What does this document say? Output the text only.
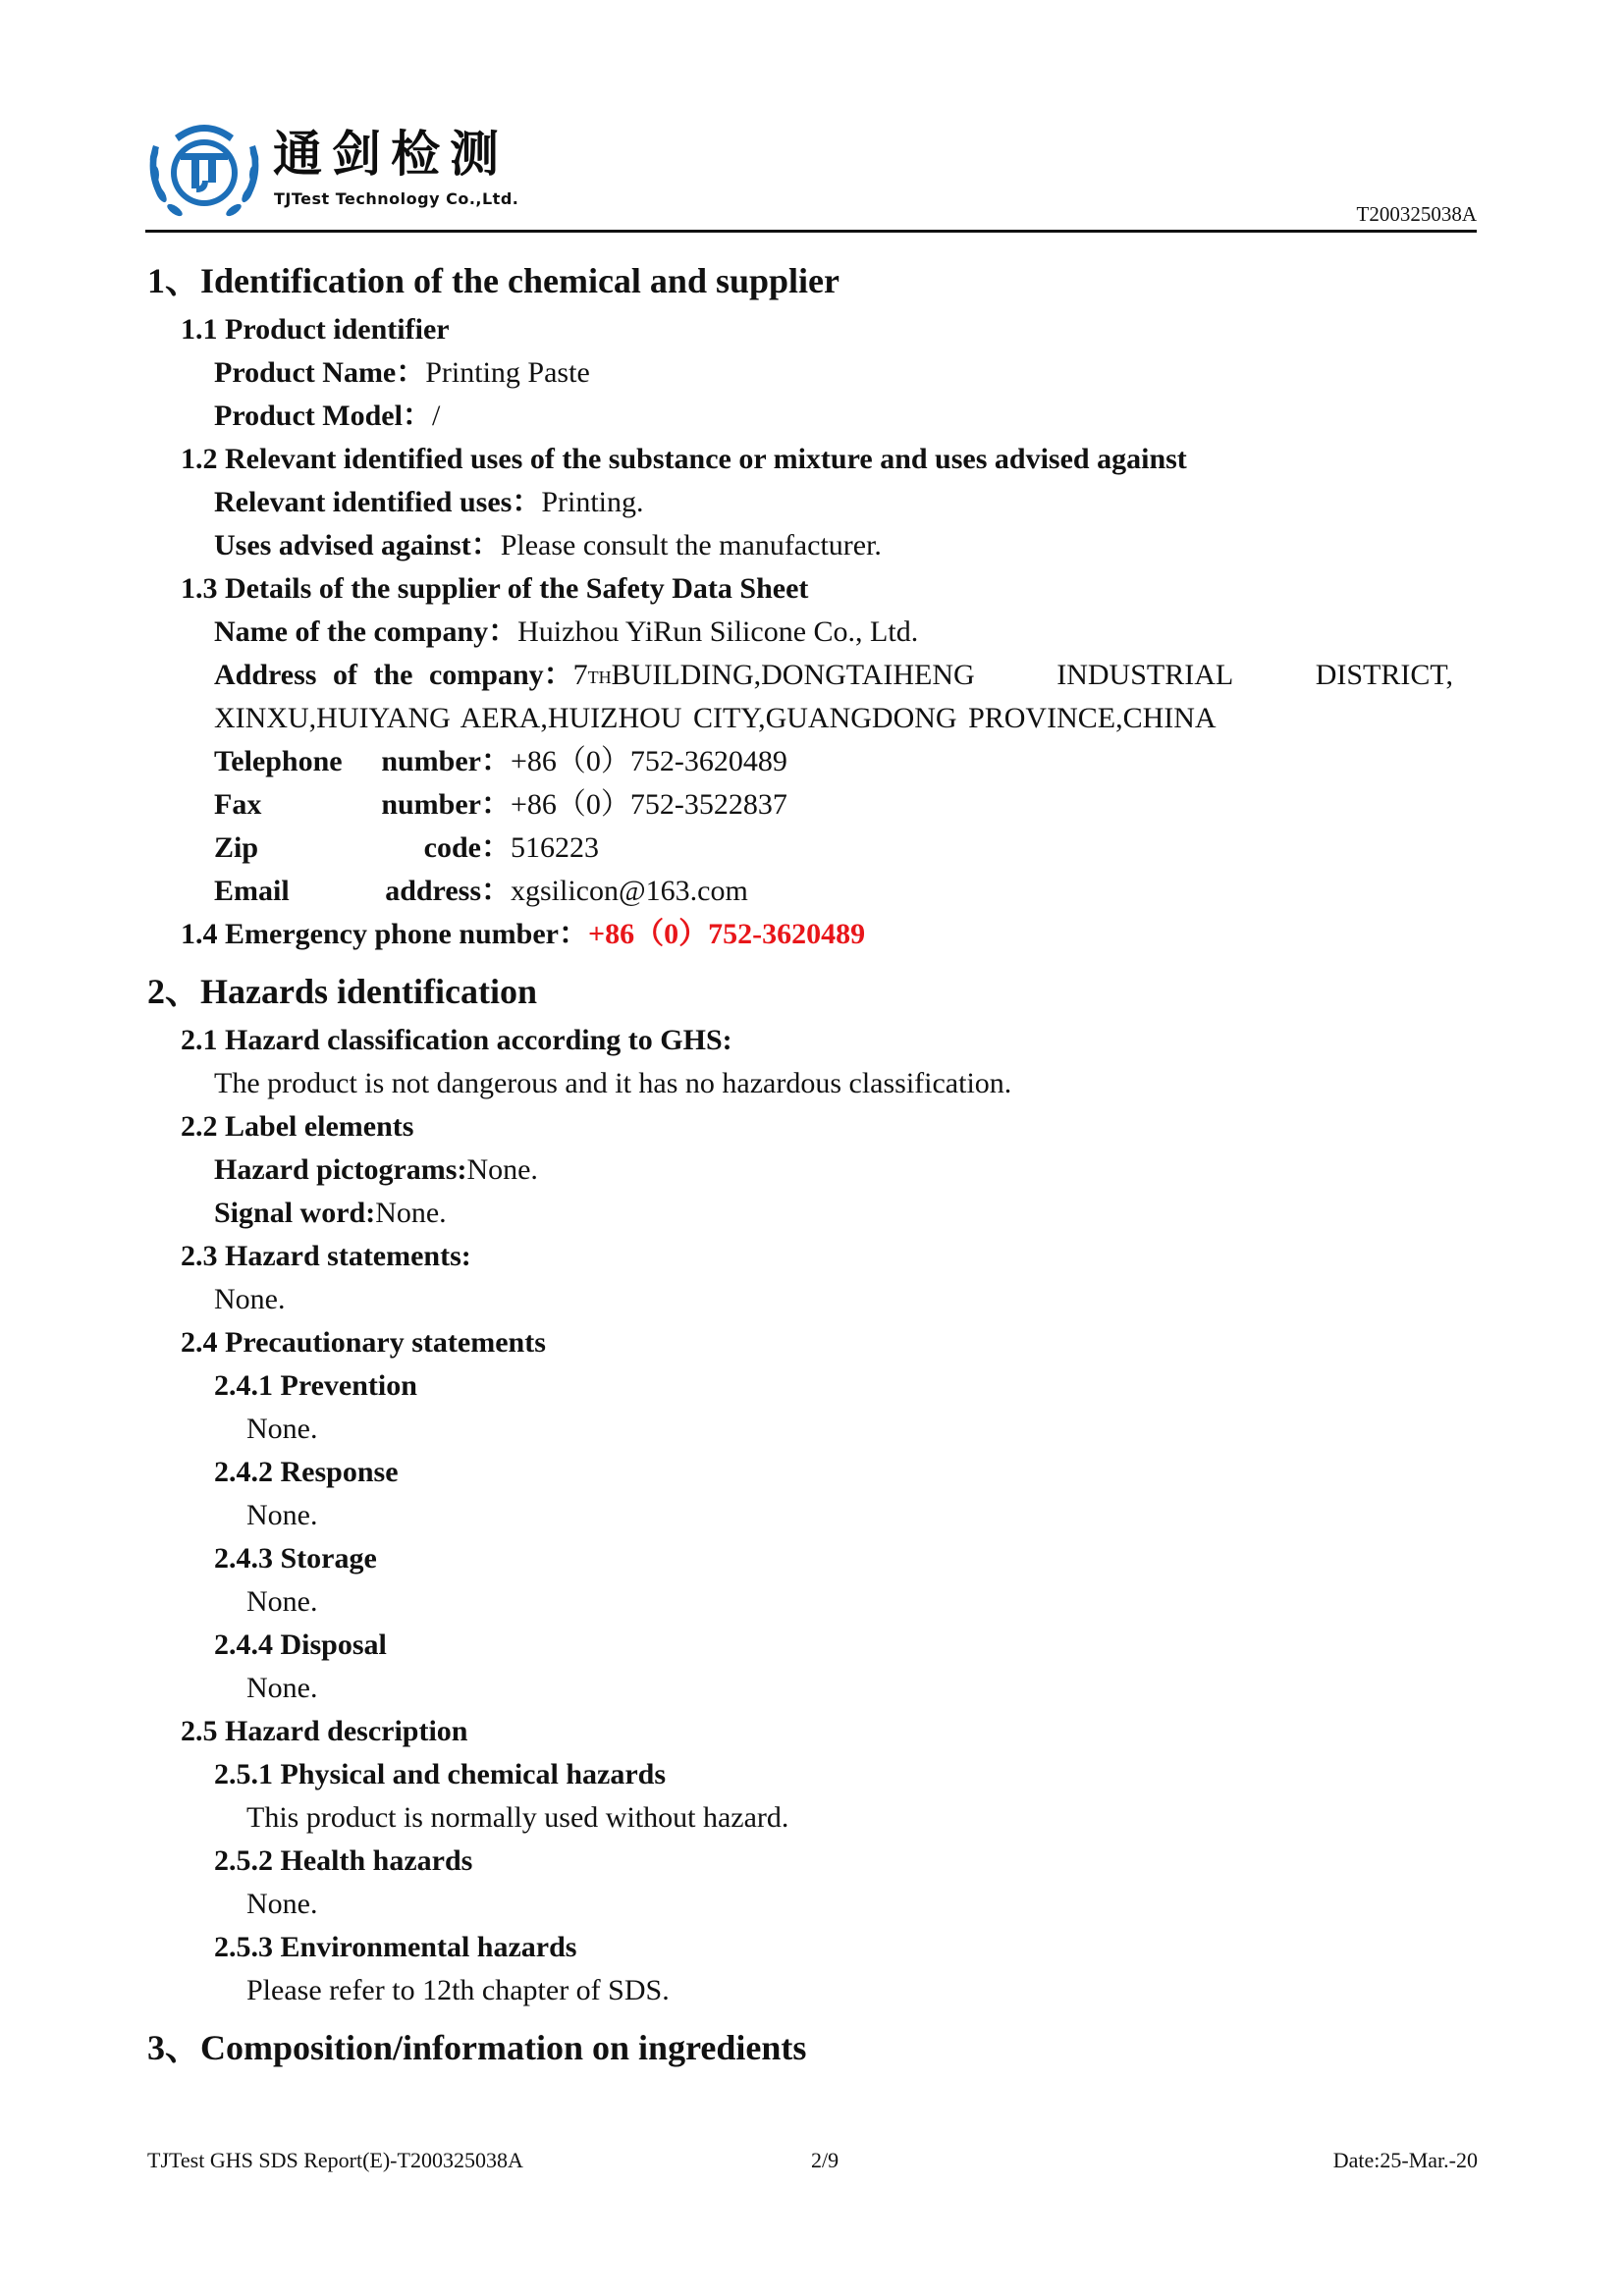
通剑检测
TJTest Technology Co.,Ltd.
T200325038A
1、Identification of the chemical and supplier
1.1 Product identifier
Product Name：Printing Paste
Product Model：/
1.2 Relevant identified uses of the substance or mixture and uses advised against
Relevant identified uses：Printing.
Uses advised against：Please consult the manufacturer.
1.3 Details of the supplier of the Safety Data Sheet
Name of the company：Huizhou YiRun Silicone Co., Ltd.
Address of the company：7THBUILDING,DONGTAIHENG	INDUSTRIAL	DISTRICT,
XINXU,HUIYANG AERA,HUIZHOU CITY,GUANGDONG PROVINCE,CHINA
Telephone number： +86（0）752-3620489
Fax	number： +86（0）752-3522837
Zip	code： 516223
Email	address： xgsilicon@163.com
1.4 Emergency phone number：+86（0）752-3620489
2、Hazards identification
2.1 Hazard classification according to GHS:
The product is not dangerous and it has no hazardous classification.
2.2 Label elements
Hazard pictograms:None.
Signal word:None.
2.3 Hazard statements:
None.
2.4 Precautionary statements
2.4.1 Prevention
None.
2.4.2 Response
None.
2.4.3 Storage
None.
2.4.4 Disposal
None.
2.5 Hazard description
2.5.1 Physical and chemical hazards
This product is normally used without hazard.
2.5.2 Health hazards
None.
2.5.3 Environmental hazards
Please refer to 12th chapter of SDS.
3、Composition/information on ingredients
TJTest GHS SDS Report(E)-T200325038A	2/9	Date:25-Mar.-20
